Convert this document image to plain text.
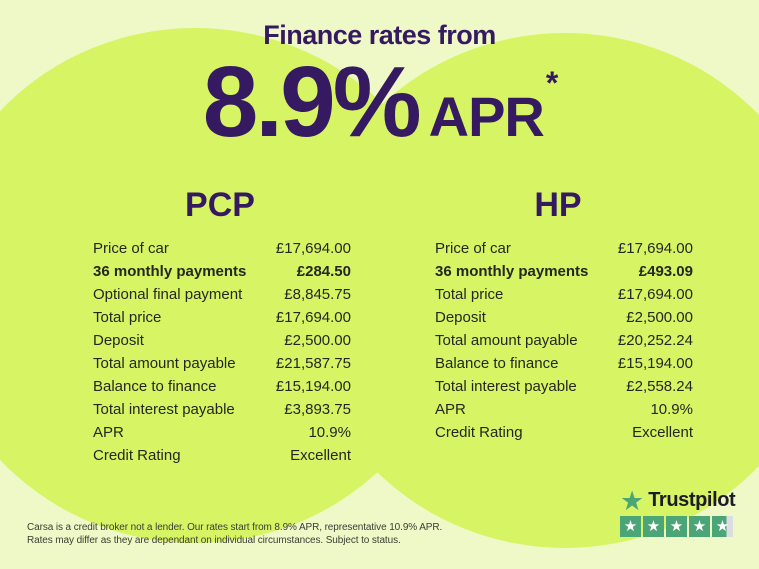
Finance rates from
8.9% APR*
PCP
Price of car	£17,694.00
36 monthly payments	£284.50
Optional final payment	£8,845.75
Total price	£17,694.00
Deposit	£2,500.00
Total amount payable	£21,587.75
Balance to finance	£15,194.00
Total interest payable	£3,893.75
APR	10.9%
Credit Rating	Excellent
HP
Price of car	£17,694.00
36 monthly payments	£493.09
Total price	£17,694.00
Deposit	£2,500.00
Total amount payable	£20,252.24
Balance to finance	£15,194.00
Total interest payable	£2,558.24
APR	10.9%
Credit Rating	Excellent
Carsa is a credit broker not a lender. Our rates start from 8.9% APR, representative 10.9% APR.
Rates may differ as they are dependant on individual circumstances. Subject to status.
★ Trustpilot
★ ★ ★ ★ ★
